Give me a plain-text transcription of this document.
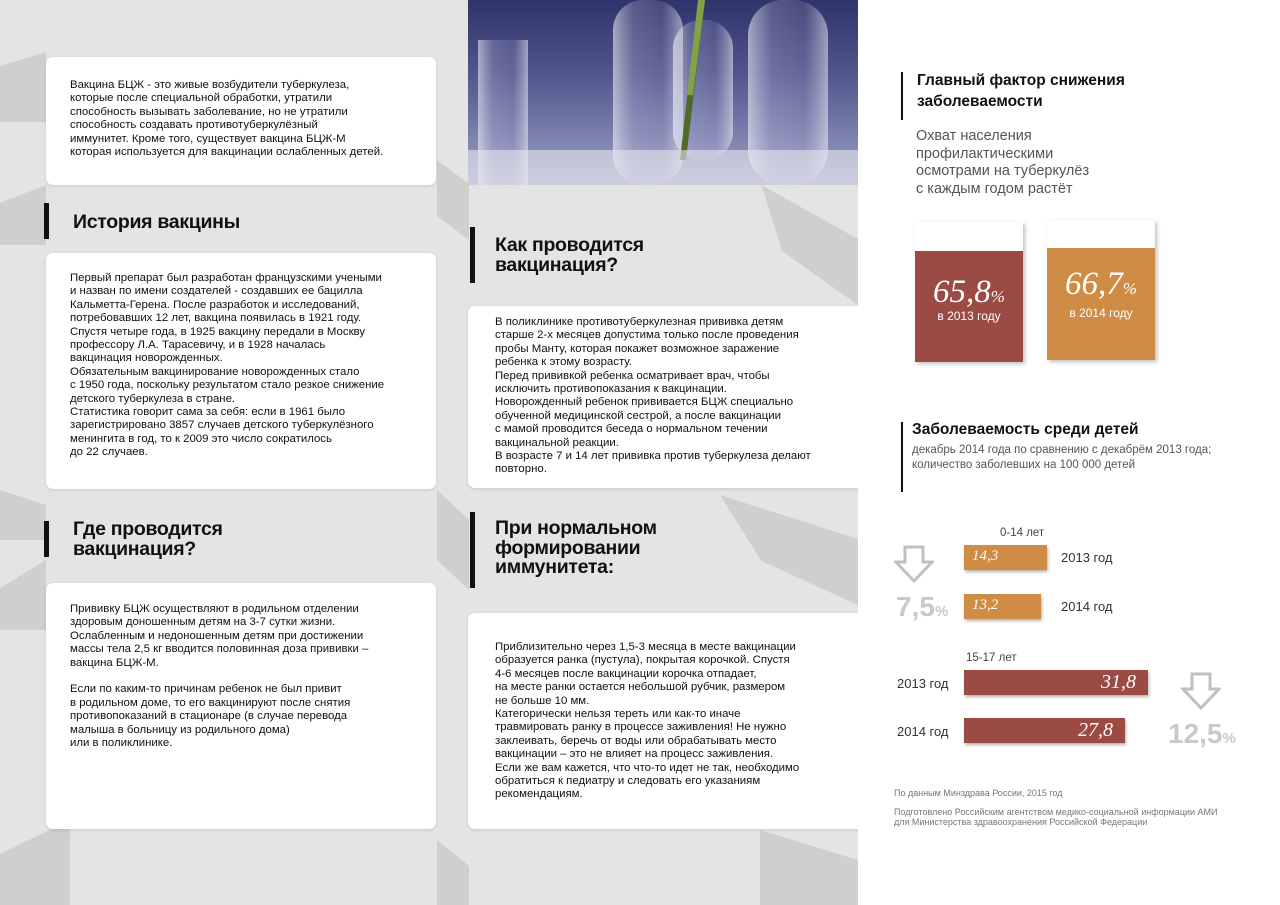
Вакцина БЦЖ - это живые возбудители туберкулеза,
которые после специальной обработки, утратили
способность вызывать заболевание, но не утратили
способность создавать противотуберкулёзный
иммунитет. Кроме того, существует вакцина БЦЖ-М
которая используется для вакцинации ослабленных детей.

История вакцины

Первый препарат был разработан французскими учеными
и назван по имени создателей - создавших ее бацилла
Кальметта-Герена. После разработок и исследований,
потребовавших 12 лет, вакцина появилась в 1921 году.
Спустя четыре года, в 1925 вакцину передали в Москву
профессору Л.А. Тарасевичу, и в 1928 началась
вакцинация новорожденных.
Обязательным вакцинирование новорожденных стало
с 1950 года, поскольку результатом стало резкое снижение
детского туберкулеза в стране.
Статистика говорит сама за себя: если в 1961 было
зарегистрировано 3857 случаев детского туберкулёзного
менингита в год, то к 2009 это число сократилось
до 22 случаев.

Где проводится
вакцинация?

Прививку БЦЖ осуществляют в родильном отделении
здоровым доношенным детям на 3-7 сутки жизни.
Ослабленным и недоношенным детям при достижении
массы тела 2,5 кг вводится половинная доза прививки –
вакцина БЦЖ-М.

Если по каким-то причинам ребенок не был привит
в родильном доме, то его вакцинируют после снятия
противопоказаний в стационаре (в случае перевода
малыша в больницу из родильного дома)
или в поликлинике.

Как проводится
вакцинация?

В поликлинике противотуберкулезная прививка детям
старше 2-х месяцев допустима только после проведения
пробы Манту, которая покажет возможное заражение
ребенка к этому возрасту.
Перед прививкой ребенка осматривает врач, чтобы
исключить противопоказания к вакцинации.
Новорожденный ребенок прививается БЦЖ специально
обученной медицинской сестрой, а после вакцинации
с мамой проводится беседа о нормальном течении
вакцинальной реакции.
В возрасте 7 и 14 лет прививка против туберкулеза делают
повторно.

При нормальном
формировании
иммунитета:

Приблизительно через 1,5-3 месяца в месте вакцинации
образуется ранка (пустула), покрытая корочкой. Спустя
4-6 месяцев после вакцинации корочка отпадает,
на месте ранки остается небольшой рубчик, размером
не больше 10 мм.
Категорически нельзя тереть или как-то иначе
травмировать ранку в процессе заживления! Не нужно
заклеивать, беречь от воды или обрабатывать место
вакцинации – это не влияет на процесс заживления.
Если же вам кажется, что что-то идет не так, необходимо
обратиться к педиатру и следовать его указаниям
рекомендациям.

Главный фактор снижения
заболеваемости
Охват населения
профилактическими
осмотрами на туберкулёз
с каждым годом растёт
65,8%
в 2013 году
66,7%
в 2014 году
Заболеваемость среди детей
декабрь 2014 года по сравнению с декабрём 2013 года;
количество заболевших на 100 000 детей
0-14 лет
14,3	2013 год
13,2	2014 год
7,5%
15-17 лет
31,8
2013 год
27,8
2014 год	12,5%
По данным Минздрава России, 2015 год
Подготовлено Российским агентством медико-социальной информации АМИ
для Министерства здравоохранения Российской Федерации
